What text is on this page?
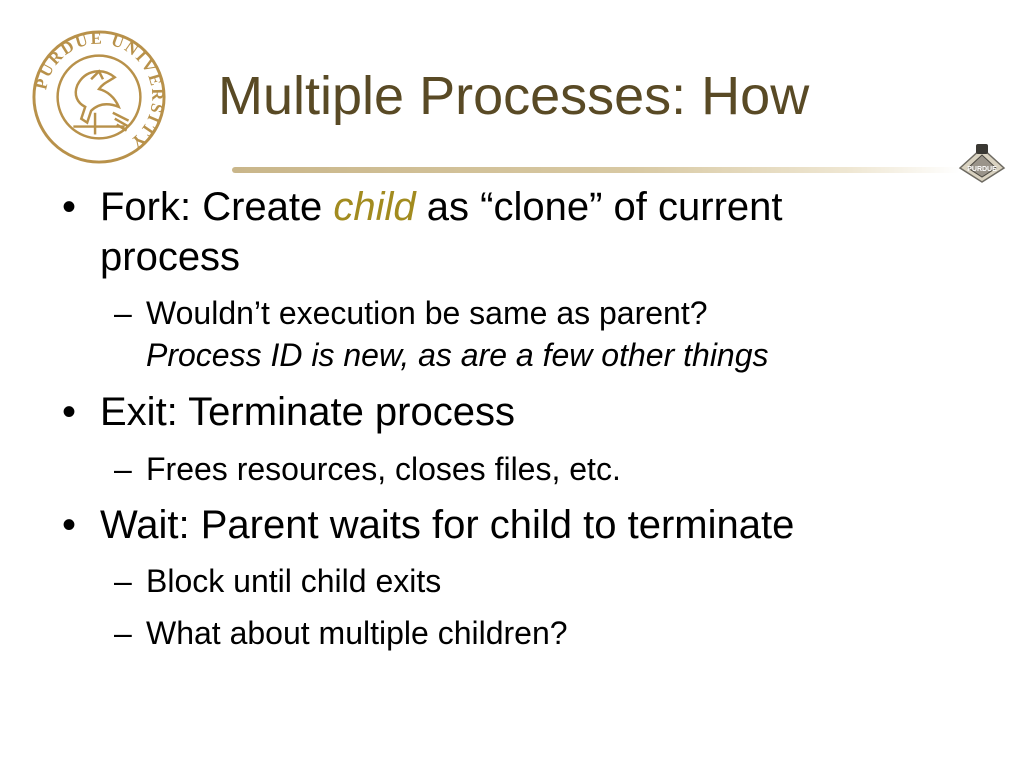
PURDUE UNIVERSITY
Multiple Processes: How
PURDUE
• Fork: Create child as “clone” of current
process
– Wouldn’t execution be same as parent?
Process ID is new, as are a few other things
• Exit: Terminate process
– Frees resources, closes files, etc.
• Wait: Parent waits for child to terminate
– Block until child exits
– What about multiple children?
